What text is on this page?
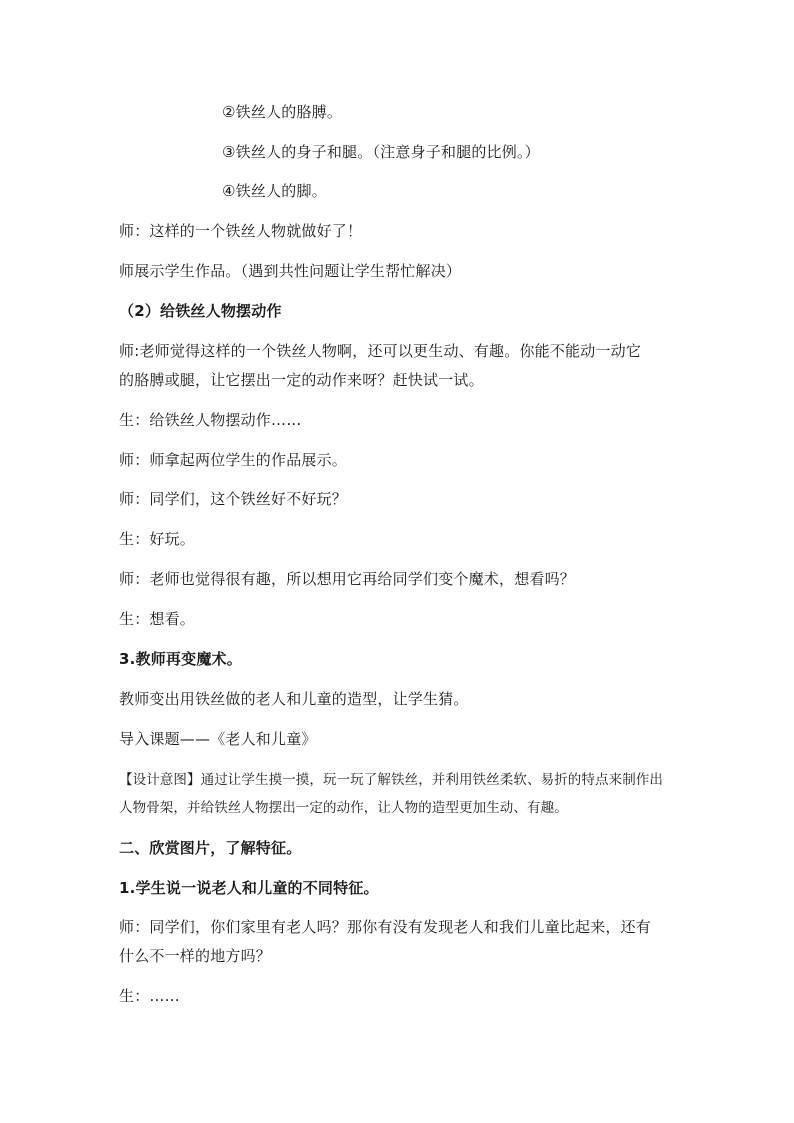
②铁丝人的胳膊。
③铁丝人的身子和腿。（注意身子和腿的比例。）
④铁丝人的脚。
师：这样的一个铁丝人物就做好了！
师展示学生作品。（遇到共性问题让学生帮忙解决）
（2）给铁丝人物摆动作
师:老师觉得这样的一个铁丝人物啊，还可以更生动、有趣。你能不能动一动它
的胳膊或腿，让它摆出一定的动作来呀？赶快试一试。
生：给铁丝人物摆动作……
师：师拿起两位学生的作品展示。
师：同学们，这个铁丝好不好玩？
生：好玩。
师：老师也觉得很有趣，所以想用它再给同学们变个魔术，想看吗？
生：想看。
3.教师再变魔术。
教师变出用铁丝做的老人和儿童的造型，让学生猜。
导入课题——《老人和儿童》
【设计意图】通过让学生摸一摸，玩一玩了解铁丝，并利用铁丝柔软、易折的特点来制作出
人物骨架，并给铁丝人物摆出一定的动作，让人物的造型更加生动、有趣。
二、欣赏图片，了解特征。
1.学生说一说老人和儿童的不同特征。
师：同学们，你们家里有老人吗？那你有没有发现老人和我们儿童比起来，还有
什么不一样的地方吗？
生：……
